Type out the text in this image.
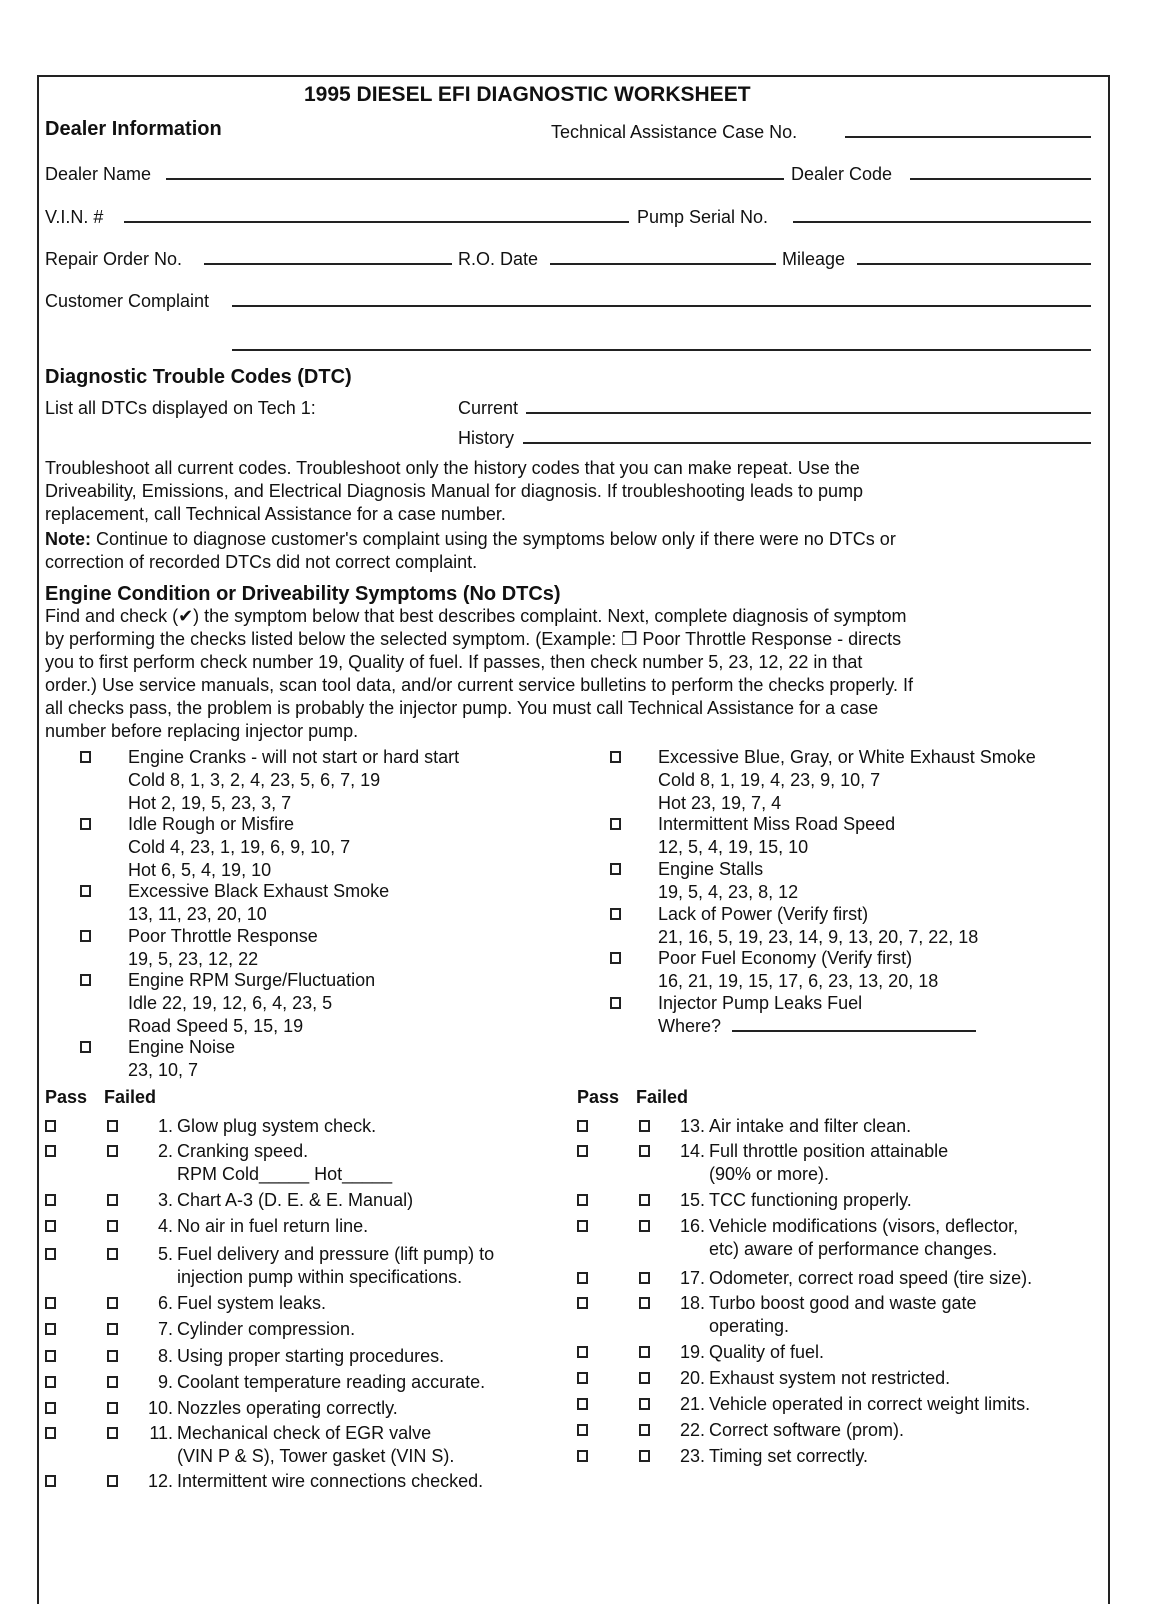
1995 DIESEL EFI DIAGNOSTIC WORKSHEET
Dealer Information	Technical Assistance Case No.
Dealer Name	Dealer Code
V.I.N. #	Pump Serial No.
Repair Order No.	R.O. Date	Mileage
Customer Complaint
Diagnostic Trouble Codes (DTC)
List all DTCs displayed on Tech 1:	Current
History
Troubleshoot all current codes. Troubleshoot only the history codes that you can make repeat. Use the
Driveability, Emissions, and Electrical Diagnosis Manual for diagnosis. If troubleshooting leads to pump
replacement, call Technical Assistance for a case number.
Note: Continue to diagnose customer's complaint using the symptoms below only if there were no DTCs or
correction of recorded DTCs did not correct complaint.
Engine Condition or Driveability Symptoms (No DTCs)
Find and check (✔) the symptom below that best describes complaint. Next, complete diagnosis of symptom
by performing the checks listed below the selected symptom. (Example: ❐ Poor Throttle Response - directs
you to first perform check number 19, Quality of fuel. If passes, then check number 5, 23, 12, 22 in that
order.) Use service manuals, scan tool data, and/or current service bulletins to perform the checks properly. If
all checks pass, the problem is probably the injector pump. You must call Technical Assistance for a case
number before replacing injector pump.
Engine Cranks - will not start or hard start
Cold 8, 1, 3, 2, 4, 23, 5, 6, 7, 19
Hot 2, 19, 5, 23, 3, 7
Idle Rough or Misfire
Cold 4, 23, 1, 19, 6, 9, 10, 7
Hot 6, 5, 4, 19, 10
Excessive Black Exhaust Smoke
13, 11, 23, 20, 10
Poor Throttle Response
19, 5, 23, 12, 22
Engine RPM Surge/Fluctuation
Idle 22, 19, 12, 6, 4, 23, 5
Road Speed 5, 15, 19
Engine Noise
23, 10, 7
Excessive Blue, Gray, or White Exhaust Smoke
Cold 8, 1, 19, 4, 23, 9, 10, 7
Hot 23, 19, 7, 4
Intermittent Miss Road Speed
12, 5, 4, 19, 15, 10
Engine Stalls
19, 5, 4, 23, 8, 12
Lack of Power (Verify first)
21, 16, 5, 19, 23, 14, 9, 13, 20, 7, 22, 18
Poor Fuel Economy (Verify first)
16, 21, 19, 15, 17, 6, 23, 13, 20, 18
Injector Pump Leaks Fuel
Where?
Pass Failed	Pass Failed
1. Glow plug system check.
2. Cranking speed.
RPM Cold_____ Hot_____
3. Chart A-3 (D. E. & E. Manual)
4. No air in fuel return line.
5. Fuel delivery and pressure (lift pump) to
injection pump within specifications.
6. Fuel system leaks.
7. Cylinder compression.
8. Using proper starting procedures.
9. Coolant temperature reading accurate.
10. Nozzles operating correctly.
11. Mechanical check of EGR valve
(VIN P & S), Tower gasket (VIN S).
12. Intermittent wire connections checked.
13. Air intake and filter clean.
14. Full throttle position attainable
(90% or more).
15. TCC functioning properly.
16. Vehicle modifications (visors, deflector,
etc) aware of performance changes.
17. Odometer, correct road speed (tire size).
18. Turbo boost good and waste gate
operating.
19. Quality of fuel.
20. Exhaust system not restricted.
21. Vehicle operated in correct weight limits.
22. Correct software (prom).
23. Timing set correctly.
